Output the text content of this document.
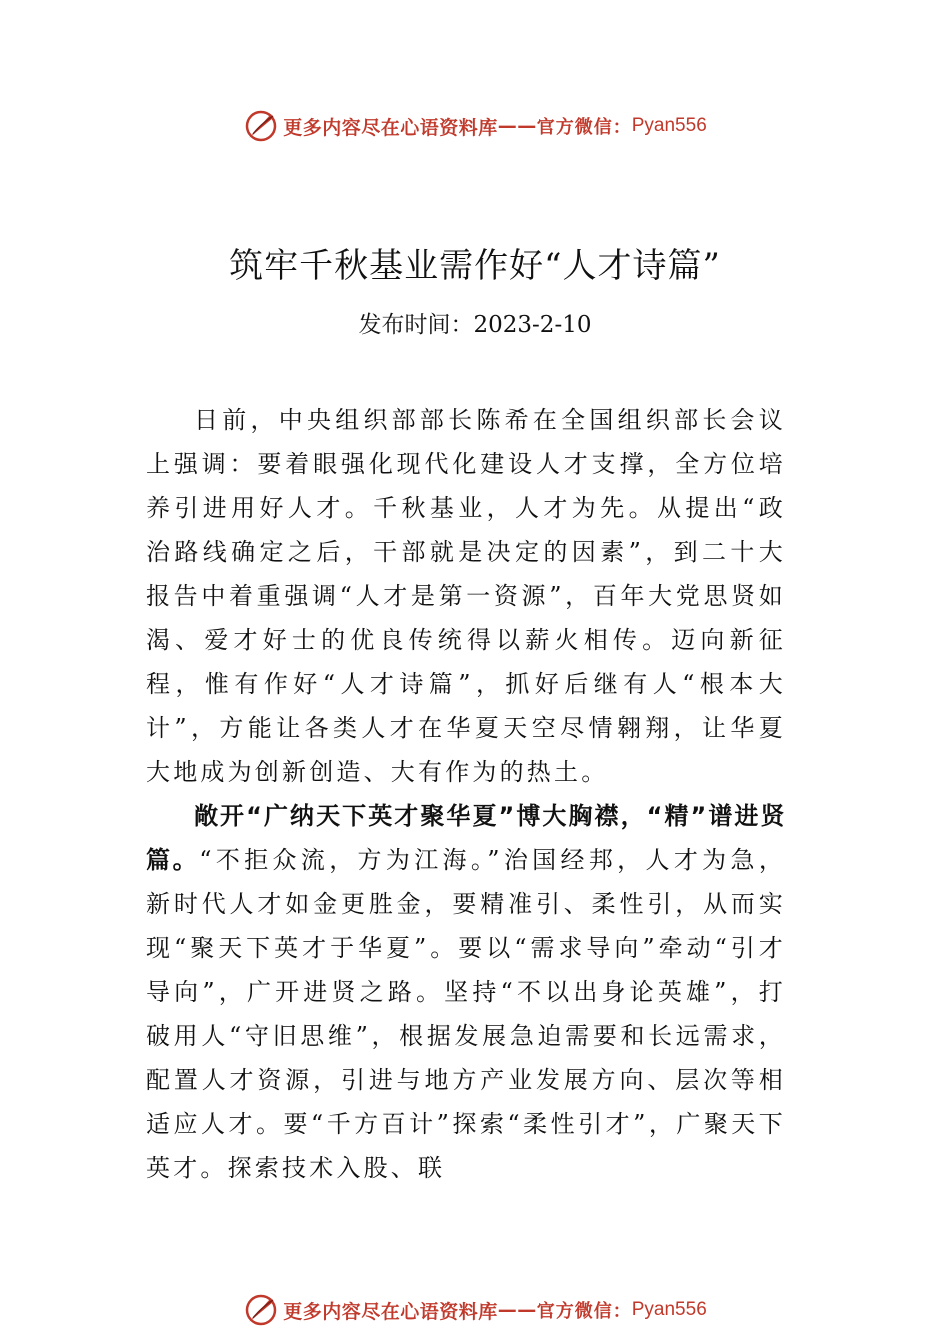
更多内容尽在心语资料库 —— 官方微信： Pyan556
筑牢千秋基业需作好“人才诗篇”
发布时间：2023-2-10

日前，中央组织部部长陈希在全国组织部长会议上强调：要着眼强化现代化建设人才支撑，全方位培养引进用好人才。千秋基业，人才为先。从提出“政治路线确定之后，干部就是决定的因素”，到二十大报告中着重强调“人才是第一资源”，百年大党思贤如渴、爱才好士的优良传统得以薪火相传。迈向新征程，惟有作好“人才诗篇”，抓好后继有人“根本大计”，方能让各类人才在华夏天空尽情翱翔，让华夏大地成为创新创造、大有作为的热土。

敞开“广纳天下英才聚华夏”博大胸襟，“精”谱进贤篇。“不拒众流，方为江海。”治国经邦，人才为急，新时代人才如金更胜金，要精准引、柔性引，从而实现“聚天下英才于华夏”。要以“需求导向”牵动“引才导向”，广开进贤之路。坚持“不以出身论英雄”，打破用人“守旧思维”，根据发展急迫需要和长远需求，配置人才资源，引进与地方产业发展方向、层次等相适应人才。要“千方百计”探索“柔性引才”，广聚天下英才。探索技术入股、联

更多内容尽在心语资料库 —— 官方微信： Pyan556
